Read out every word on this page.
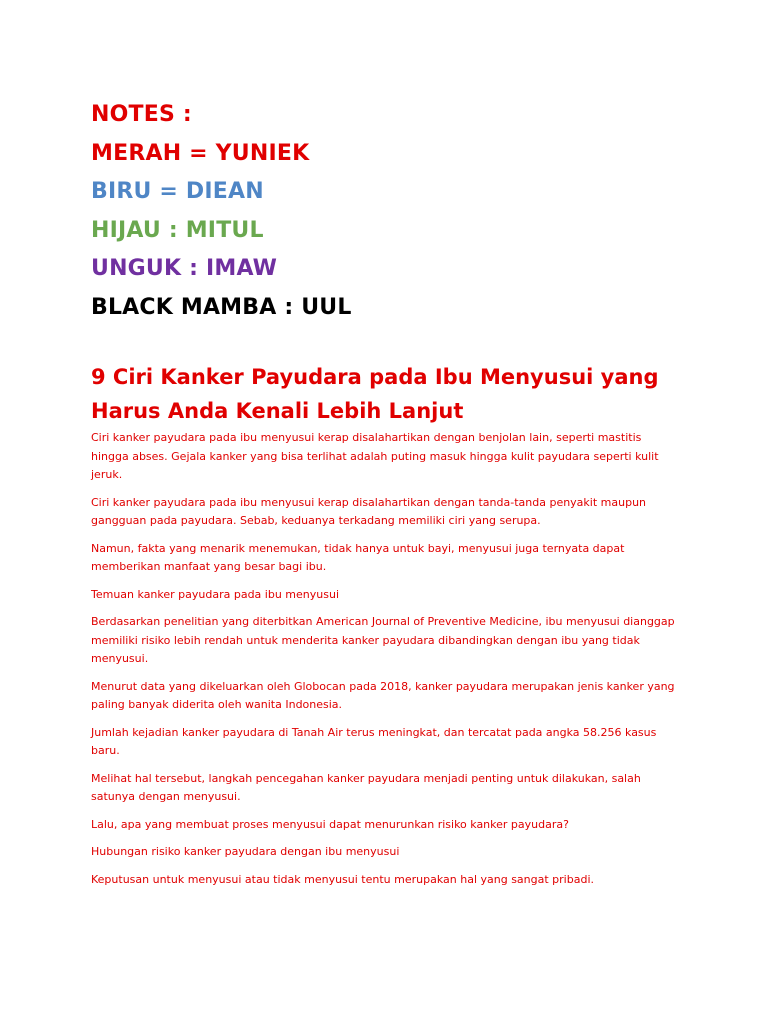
NOTES :
MERAH = YUNIEK
BIRU = DIEAN
HIJAU : MITUL
UNGUK : IMAW
BLACK MAMBA : UUL
9 Ciri Kanker Payudara pada Ibu Menyusui yang Harus Anda Kenali Lebih Lanjut

Ciri kanker payudara pada ibu menyusui kerap disalahartikan dengan benjolan lain, seperti mastitis hingga abses. Gejala kanker yang bisa terlihat adalah puting masuk hingga kulit payudara seperti kulit jeruk.

Ciri kanker payudara pada ibu menyusui kerap disalahartikan dengan tanda-tanda penyakit maupun gangguan pada payudara. Sebab, keduanya terkadang memiliki ciri yang serupa.

Namun, fakta yang menarik menemukan, tidak hanya untuk bayi, menyusui juga ternyata dapat memberikan manfaat yang besar bagi ibu.

Temuan kanker payudara pada ibu menyusui

Berdasarkan penelitian yang diterbitkan American Journal of Preventive Medicine, ibu menyusui dianggap memiliki risiko lebih rendah untuk menderita kanker payudara dibandingkan dengan ibu yang tidak menyusui.

Menurut data yang dikeluarkan oleh Globocan pada 2018, kanker payudara merupakan jenis kanker yang paling banyak diderita oleh wanita Indonesia.

Jumlah kejadian kanker payudara di Tanah Air terus meningkat, dan tercatat pada angka 58.256 kasus baru.

Melihat hal tersebut, langkah pencegahan kanker payudara menjadi penting untuk dilakukan, salah satunya dengan menyusui.

Lalu, apa yang membuat proses menyusui dapat menurunkan risiko kanker payudara?

Hubungan risiko kanker payudara dengan ibu menyusui

Keputusan untuk menyusui atau tidak menyusui tentu merupakan hal yang sangat pribadi.
